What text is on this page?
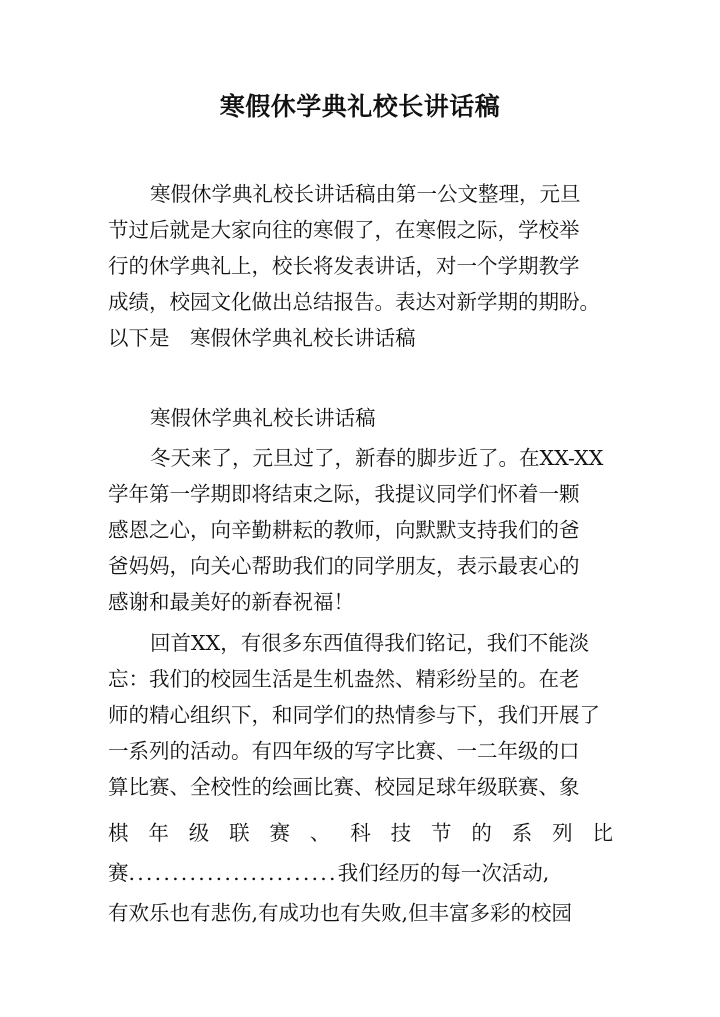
寒假休学典礼校长讲话稿
寒假休学典礼校长讲话稿由第一公文整理，元旦
节过后就是大家向往的寒假了，在寒假之际，学校举
行的休学典礼上，校长将发表讲话，对一个学期教学
成绩，校园文化做出总结报告。表达对新学期的期盼。
以下是　寒假休学典礼校长讲话稿
寒假休学典礼校长讲话稿
冬天来了，元旦过了，新春的脚步近了。在XX-XX
学年第一学期即将结束之际，我提议同学们怀着一颗
感恩之心，向辛勤耕耘的教师，向默默支持我们的爸
爸妈妈，向关心帮助我们的同学朋友，表示最衷心的
感谢和最美好的新春祝福！
回首XX，有很多东西值得我们铭记，我们不能淡
忘：我们的校园生活是生机盎然、精彩纷呈的。在老
师的精心组织下，和同学们的热情参与下，我们开展了
一系列的活动。有四年级的写字比赛、一二年级的口
算比赛、全校性的绘画比赛、校园足球年级联赛、象
棋 年 级 联 赛 、 科 技 节 的 系 列 比
赛........................我们经历的每一次活动,
有欢乐也有悲伤,有成功也有失败,但丰富多彩的校园
